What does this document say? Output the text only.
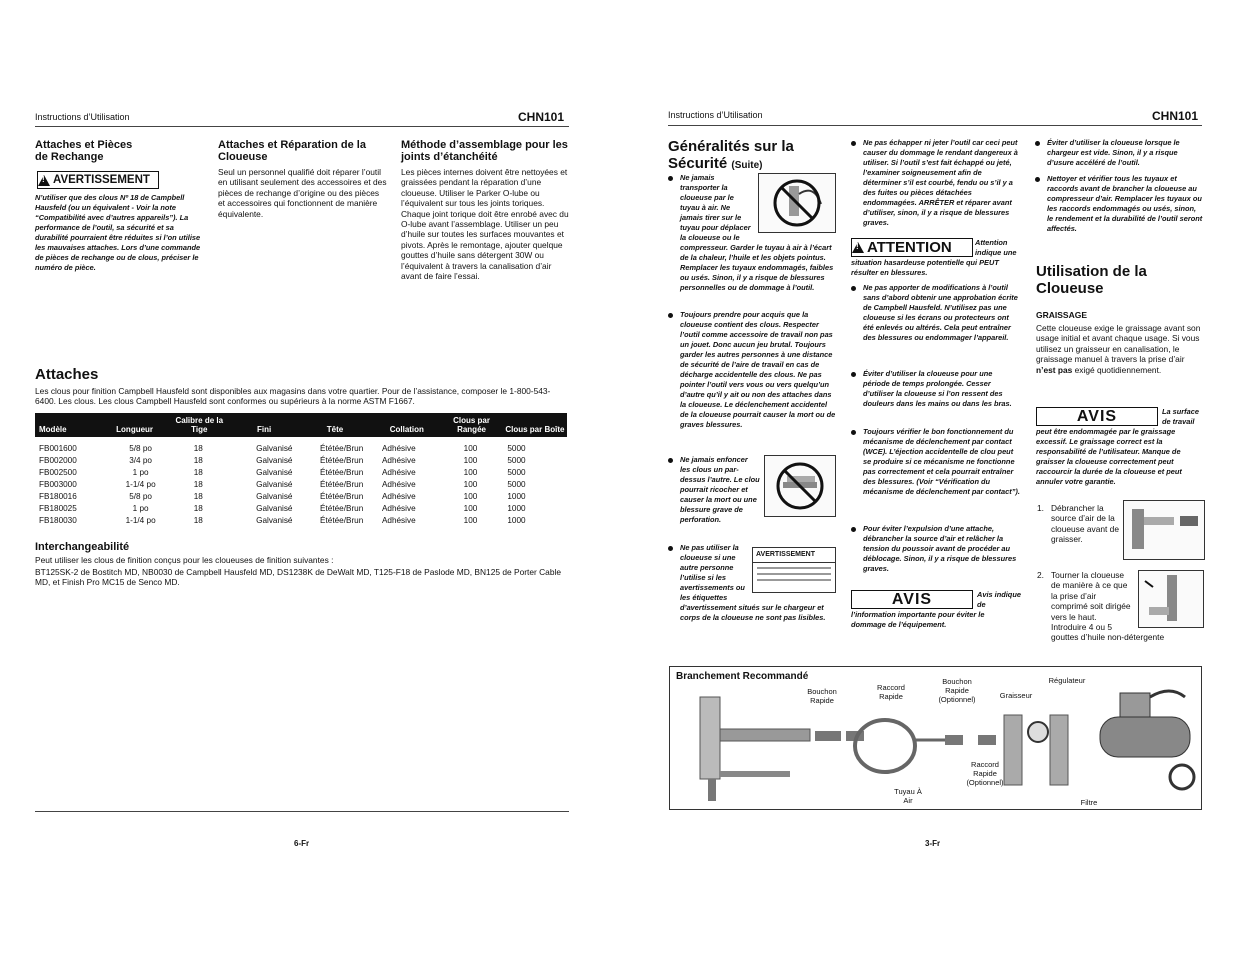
Instructions d’Utilisation	CHN101
Attaches et Pièces
de Rechange
!
AVERTISSEMENT
N’utiliser que des clous Nº 18 de Campbell Hausfeld (ou un équivalent - Voir la note “Compatibilité avec d’autres appareils”). La performance de l’outil, sa sécurité et sa durabilité pourraient être réduites si l’on utilise les mauvaises attaches. Lors d’une commande de pièces de rechange ou de clous, préciser le numéro de pièce.
Attaches et Réparation de la Cloueuse
Seul un personnel qualifié doit réparer l’outil en utilisant seulement des accessoires et des pièces de rechange d’origine ou des pièces et accessoires qui fonctionnent de manière équivalente.
Méthode d’assemblage pour les joints d’étanchéité
Les pièces internes doivent être nettoyées et graissées pendant la réparation d’une cloueuse. Utiliser le Parker O-lube ou l’équivalent sur tous les joints toriques. Chaque joint torique doit être enrobé avec du O-lube avant l’assemblage. Utiliser un peu d’huile sur toutes les surfaces mouvantes et pivots. Après le remontage, ajouter quelque gouttes d’huile sans détergent 30W ou l’équivalent à travers la canalisation d’air avant de faire l’essai.
Attaches
Les clous pour finition Campbell Hausfeld sont disponibles aux magasins dans votre quartier. Pour de l’assistance, composer le 1-800-543-6400. Les clous. Les clous Campbell Hausfeld sont conformes ou supérieurs à la norme ASTM F1667.
Modèle	Longueur	Calibre de la Tige	Fini	Tête	Collation	Clous par Rangée	Clous par Boîte
FB001600	5/8 po	18	Galvanisé	Ététée/Brun	Adhésive	100	5000
FB002000	3/4 po	18	Galvanisé	Ététée/Brun	Adhésive	100	5000
FB002500	1 po	18	Galvanisé	Ététée/Brun	Adhésive	100	5000
FB003000	1-1/4 po	18	Galvanisé	Ététée/Brun	Adhésive	100	5000
FB180016	5/8 po	18	Galvanisé	Ététée/Brun	Adhésive	100	1000
FB180025	1 po	18	Galvanisé	Ététée/Brun	Adhésive	100	1000
FB180030	1-1/4 po	18	Galvanisé	Ététée/Brun	Adhésive	100	1000
Interchangeabilité
Peut utiliser les clous de finition conçus pour les cloueuses de finition suivantes :
BT125SK-2 de Bostitch MD, NB0030 de Campbell Hausfeld MD, DS1238K de DeWalt MD, T125-F18 de Paslode MD, BN125 de Porter Cable MD, et Finish Pro MC15 de Senco MD.
6-Fr
Instructions d’Utilisation	CHN101
Généralités sur la Sécurité (Suite)
Ne jamais transporter la cloueuse par le tuyau à air. Ne jamais tirer sur le tuyau pour déplacer la cloueuse ou le compresseur. Garder le tuyau à air à l’écart de la chaleur, l’huile et les objets pointus. Remplacer les tuyaux endommagés, faibles ou usés. Sinon, il y a risque de blessures personnelles ou de dommage à l’outil.
Toujours prendre pour acquis que la cloueuse contient des clous. Respecter l’outil comme accessoire de travail non pas un jouet. Donc aucun jeu brutal. Toujours garder les autres personnes à une distance de sécurité de l’aire de travail en cas de décharge accidentelle des clous. Ne pas pointer l’outil vers vous ou vers quelqu’un d’autre qu’il y ait ou non des attaches dans la cloueuse. Le déclenchement accidentel de la cloueuse pourrait causer la mort ou de graves blessures.
Ne jamais enfoncer les clous un par-dessus l’autre. Le clou pourrait ricocher et causer la mort ou une blessure grave de perforation.
AVERTISSEMENT
Ne pas utiliser la cloueuse si une autre personne l’utilise si les avertissements ou les étiquettes d’avertissement situés sur le chargeur et corps de la cloueuse ne sont pas lisibles.
Ne pas échapper ni jeter l’outil car ceci peut causer du dommage le rendant dangereux à utiliser. Si l’outil s’est fait échappé ou jeté, l’examiner soigneusement afin de déterminer s’il est courbé, fendu ou s’il y a des fuites ou pièces détachées endommagées. ARRÊTER et réparer avant d’utiliser, sinon, il y a risque de blessures graves.
!
ATTENTION	Attention indique une situation hasardeuse potentielle qui PEUT résulter en blessures.
Ne pas apporter de modifications à l’outil sans d’abord obtenir une approbation écrite de Campbell Hausfeld. N’utilisez pas une cloueuse si les écrans ou protecteurs ont été enlevés ou altérés. Cela peut entraîner des blessures ou endommager l’appareil.
Éviter d’utiliser la cloueuse pour une période de temps prolongée. Cesser d’utiliser la cloueuse si l’on ressent des douleurs dans les mains ou dans les bras.
Toujours vérifier le bon fonctionnement du mécanisme de déclenchement par contact (WCE). L’éjection accidentelle de clou peut se produire si ce mécanisme ne fonctionne pas correctement et cela pourrait entraîner des blessures. (Voir “Vérification du mécanisme de déclenchement par contact”).
Pour éviter l’expulsion d’une attache, débrancher la source d’air et relâcher la tension du poussoir avant de procéder au déblocage. Sinon, il y a risque de blessures graves.
AVIS	Avis indique de l’information importante pour éviter le dommage de l’équipement.
Éviter d’utiliser la cloueuse lorsque le chargeur est vide. Sinon, il y a risque d’usure accéléré de l’outil.
Nettoyer et vérifier tous les tuyaux et raccords avant de brancher la cloueuse au compresseur d’air. Remplacer les tuyaux ou les raccords endommagés ou usés, sinon, le rendement et la durabilité de l’outil seront affectés.
Utilisation de la Cloueuse
GRAISSAGE
Cette cloueuse exige le graissage avant son usage initial et avant chaque usage. Si vous utilisez un graisseur en canalisation, le graissage manuel à travers la prise d’air n’est pas exigé quotidiennement.
AVIS	La surface de travail peut être endommagée par le graissage excessif. Le graissage correct est la responsabilité de l’utilisateur. Manque de graisser la cloueuse correctement peut raccourcir la durée de la cloueuse et peut annuler votre garantie.
1. Débrancher la source d’air de la cloueuse avant de graisser.
2. Tourner la cloueuse de manière à ce que la prise d’air comprimé soit dirigée vers le haut. Introduire 4 ou 5 gouttes d’huile non-détergente
Branchement Recommandé
Bouchon
Rapide
Raccord
Rapide
Bouchon
Rapide
(Optionnel)	Graisseur
Régulateur
Raccord
Rapide
(Optionnel)
Tuyau À
Air	Filtre
3-Fr
